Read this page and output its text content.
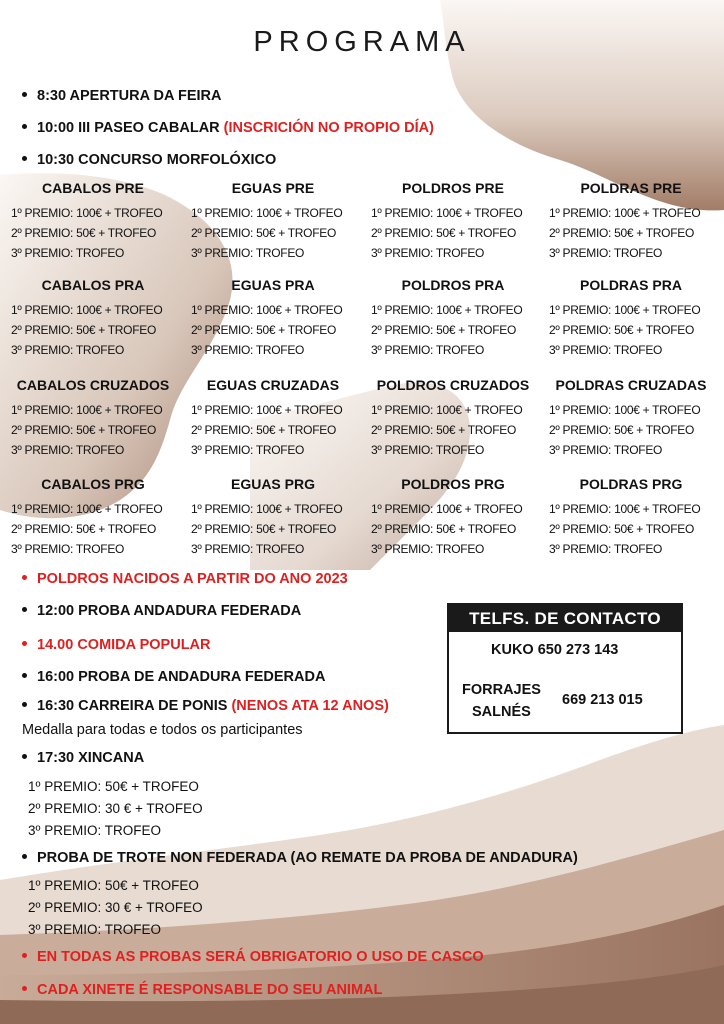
PROGRAMA
8:30 APERTURA DA FEIRA
10:00 III PASEO CABALAR (INSCRICIÓN NO PROPIO DÍA)
10:30 CONCURSO MORFOLÓXICO
CABALOS PRE
1º PREMIO: 100€ + TROFEO
2º PREMIO: 50€ + TROFEO
3º PREMIO: TROFEO
EGUAS PRE
1º PREMIO: 100€ + TROFEO
2º PREMIO: 50€ + TROFEO
3º PREMIO: TROFEO
POLDROS PRE
1º PREMIO: 100€ + TROFEO
2º PREMIO: 50€ + TROFEO
3º PREMIO: TROFEO
POLDRAS PRE
1º PREMIO: 100€ + TROFEO
2º PREMIO: 50€ + TROFEO
3º PREMIO: TROFEO
CABALOS PRA
1º PREMIO: 100€ + TROFEO
2º PREMIO: 50€ + TROFEO
3º PREMIO: TROFEO
EGUAS PRA
1º PREMIO: 100€ + TROFEO
2º PREMIO: 50€ + TROFEO
3º PREMIO: TROFEO
POLDROS PRA
1º PREMIO: 100€ + TROFEO
2º PREMIO: 50€ + TROFEO
3º PREMIO: TROFEO
POLDRAS PRA
1º PREMIO: 100€ + TROFEO
2º PREMIO: 50€ + TROFEO
3º PREMIO: TROFEO
CABALOS CRUZADOS
1º PREMIO: 100€ + TROFEO
2º PREMIO: 50€ + TROFEO
3º PREMIO: TROFEO
EGUAS CRUZADAS
1º PREMIO: 100€ + TROFEO
2º PREMIO: 50€ + TROFEO
3º PREMIO: TROFEO
POLDROS CRUZADOS
1º PREMIO: 100€ + TROFEO
2º PREMIO: 50€ + TROFEO
3º PREMIO: TROFEO
POLDRAS CRUZADAS
1º PREMIO: 100€ + TROFEO
2º PREMIO: 50€ + TROFEO
3º PREMIO: TROFEO
CABALOS PRG
1º PREMIO: 100€ + TROFEO
2º PREMIO: 50€ + TROFEO
3º PREMIO: TROFEO
EGUAS PRG
1º PREMIO: 100€ + TROFEO
2º PREMIO: 50€ + TROFEO
3º PREMIO: TROFEO
POLDROS PRG
1º PREMIO: 100€ + TROFEO
2º PREMIO: 50€ + TROFEO
3º PREMIO: TROFEO
POLDRAS PRG
1º PREMIO: 100€ + TROFEO
2º PREMIO: 50€ + TROFEO
3º PREMIO: TROFEO
POLDROS NACIDOS A PARTIR DO ANO 2023
12:00 PROBA ANDADURA FEDERADA
14.00 COMIDA POPULAR
16:00 PROBA DE ANDADURA FEDERADA
16:30 CARREIRA DE PONIS (NENOS ATA 12 ANOS)
Medalla para todas e todos os participantes
17:30 XINCANA
1º PREMIO: 50€ + TROFEO
2º PREMIO: 30 € + TROFEO
3º PREMIO: TROFEO
PROBA DE TROTE NON FEDERADA (AO REMATE DA PROBA DE ANDADURA)
1º PREMIO: 50€ + TROFEO
2º PREMIO: 30 € + TROFEO
3º PREMIO: TROFEO
EN TODAS AS PROBAS SERÁ OBRIGATORIO O USO DE CASCO
CADA XINETE É RESPONSABLE DO SEU ANIMAL
TELFS. DE CONTACTO
KUKO 650 273 143
FORRAJES
SALNÉS
669 213 015
